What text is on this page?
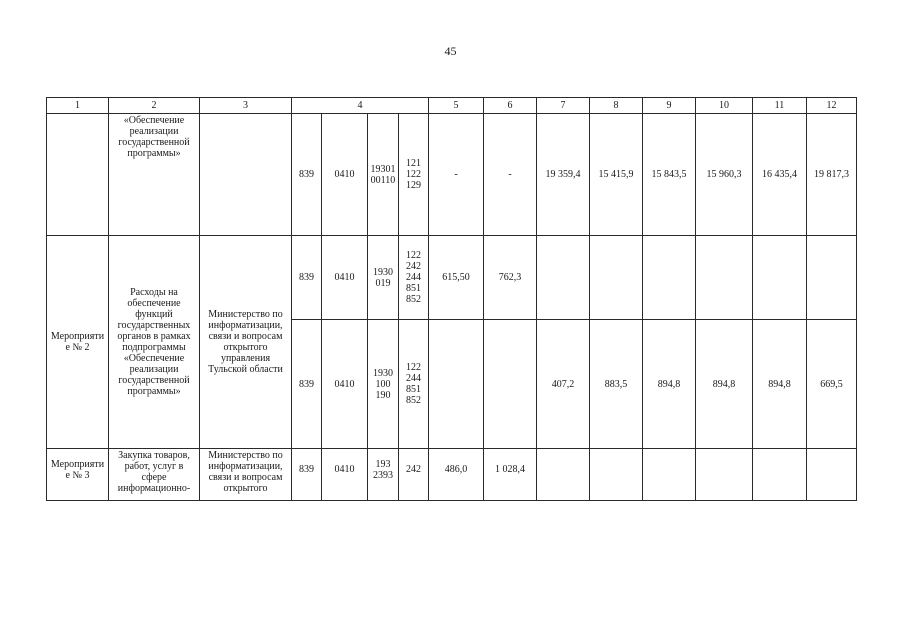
45
1	2	3	4				5	6	7	8	9	10	11	12
	«Обеспечение реализации государственной программы»		839	0410	19301 00110	121 122 129	-	-	19 359,4	15 415,9	15 843,5	15 960,3	16 435,4	19 817,3
Мероприятие № 2	Расходы на обеспечение функций государственных органов в рамках подпрограммы «Обеспечение реализации государственной программы»	Министерство по информатизации, связи и вопросам открытого управления Тульской области	839	0410	1930 019	122 242 244 851 852	615,50	762,3						
			839	0410	1930 100 190	122 244 851 852			407,2	883,5	894,8	894,8	894,8	669,5
Мероприятие № 3	Закупка товаров, работ, услуг в сфере информационно-	Министерство по информатизации, связи и вопросам открытого	839	0410	193 2393	242	486,0	1 028,4						
